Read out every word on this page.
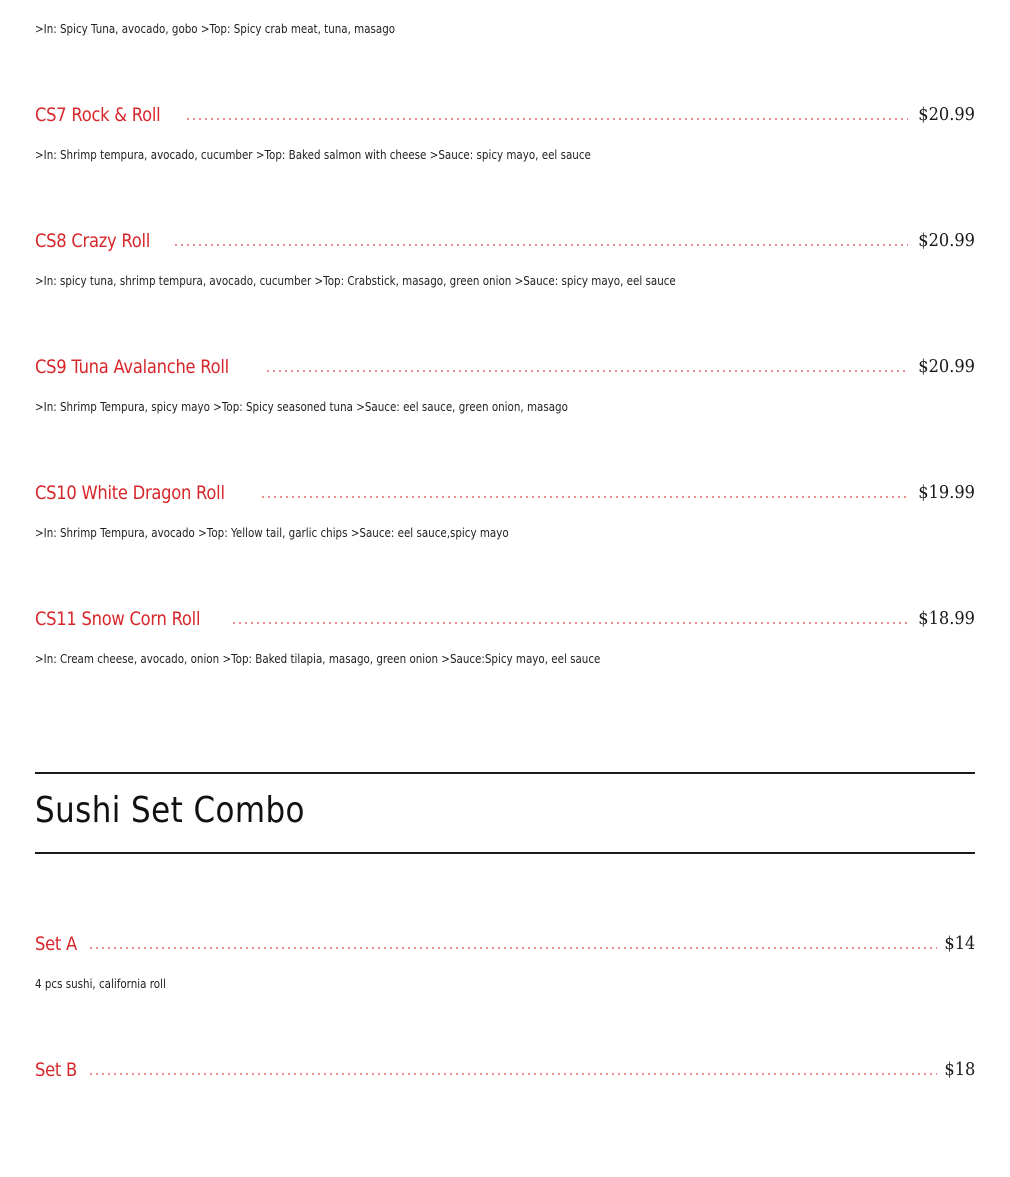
>In: Spicy Tuna, avocado, gobo >Top: Spicy crab meat, tuna, masago
CS7 Rock & Roll	$20.99
>In: Shrimp tempura, avocado, cucumber >Top: Baked salmon with cheese >Sauce: spicy mayo, eel sauce
CS8 Crazy Roll	$20.99
>In: spicy tuna, shrimp tempura, avocado, cucumber >Top: Crabstick, masago, green onion >Sauce: spicy mayo, eel sauce
CS9 Tuna Avalanche Roll	$20.99
>In: Shrimp Tempura, spicy mayo >Top: Spicy seasoned tuna >Sauce: eel sauce, green onion, masago
CS10 White Dragon Roll	$19.99
>In: Shrimp Tempura, avocado >Top: Yellow tail, garlic chips >Sauce: eel sauce,spicy mayo
CS11 Snow Corn Roll	$18.99
>In: Cream cheese, avocado, onion >Top: Baked tilapia, masago, green onion >Sauce:Spicy mayo, eel sauce
Sushi Set Combo
Set A	$14
4 pcs sushi, california roll
Set B	$18
